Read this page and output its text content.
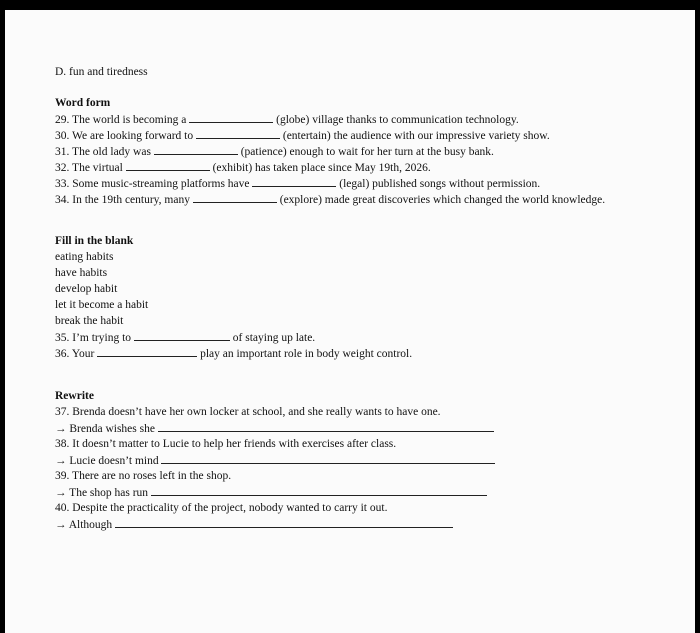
D. fun and tiredness
Word form
29. The world is becoming a	(globe) village thanks to communication technology.
30. We are looking forward to	(entertain) the audience with our impressive variety show.
31. The old lady was	(patience) enough to wait for her turn at the busy bank.
32. The virtual	(exhibit) has taken place since May 19th, 2026.
33. Some music-streaming platforms have	(legal) published songs without permission.
34. In the 19th century, many	(explore) made great discoveries which changed the world knowledge.
Fill in the blank
eating habits
have habits
develop habit
let it become a habit
break the habit
35. I’m trying to	of staying up late.
36. Your	play an important role in body weight control.
Rewrite
37. Brenda doesn’t have her own locker at school, and she really wants to have one.
→ Brenda wishes she
38. It doesn’t matter to Lucie to help her friends with exercises after class.
→ Lucie doesn’t mind
39. There are no roses left in the shop.
→ The shop has run
40. Despite the practicality of the project, nobody wanted to carry it out.
→ Although
